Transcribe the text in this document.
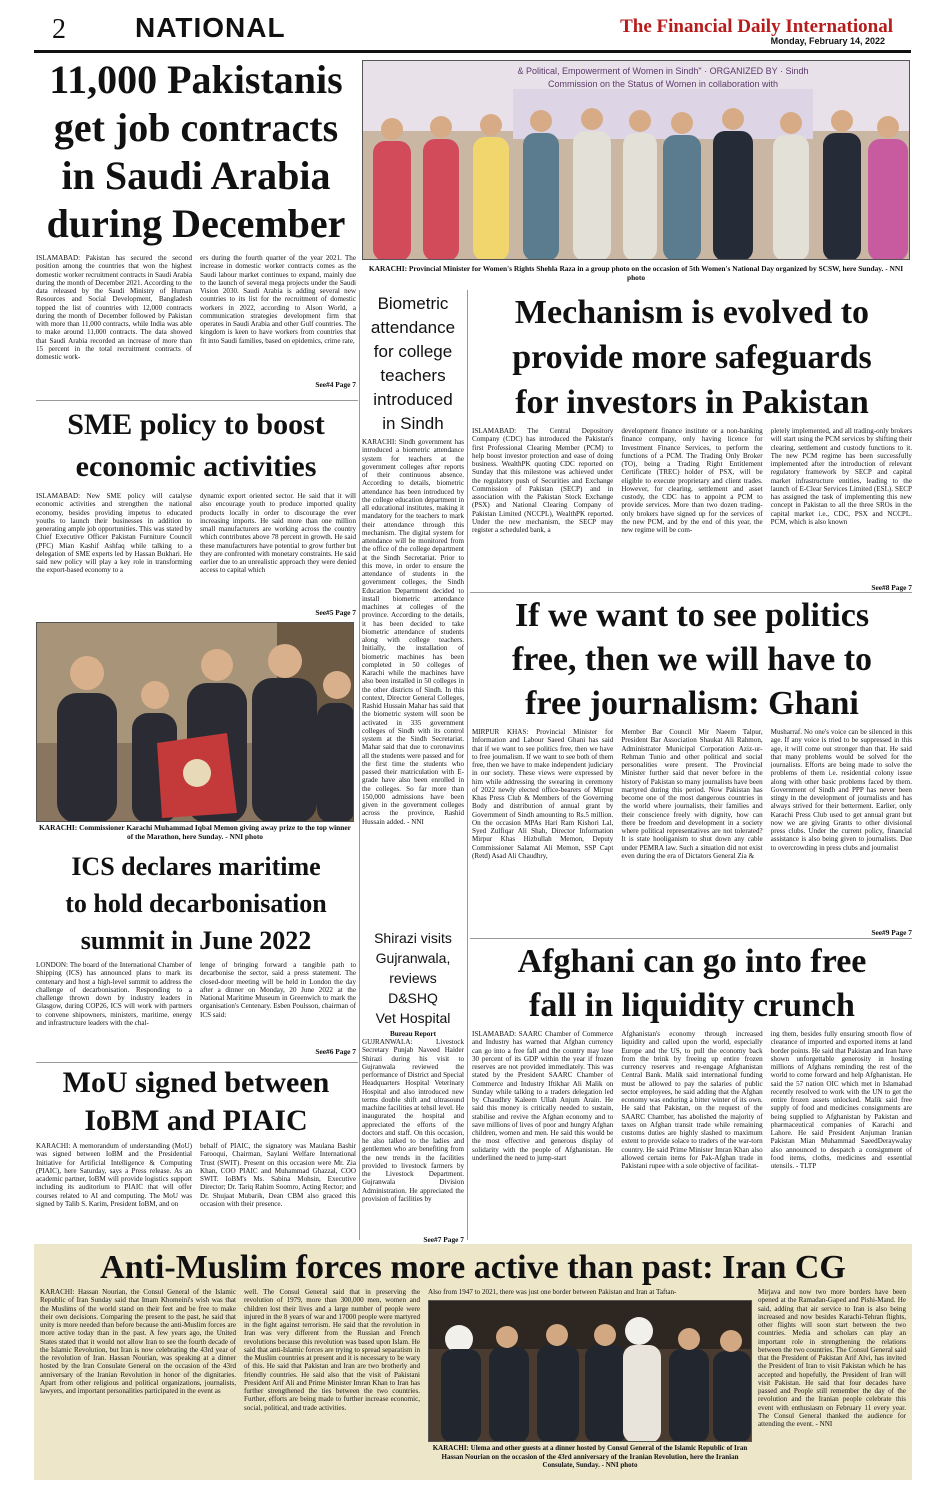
2 NATIONAL	The Financial Daily International
Monday, February 14, 2022
11,000 Pakistanis
get job contracts
in Saudi Arabia
during December
ISLAMABAD: Pakistan has secured the second position among the countries that won the highest domestic worker recruitment contracts in Saudi Arabia during the month of December 2021. According to the data released by the Saudi Ministry of Human Resources and Social Development, Bangladesh topped the list of countries with 12,000 contracts during the month of December followed by Pakistan with more than 11,000 contracts, while India was able to make around 11,000 contracts. The data showed that Saudi Arabia recorded an increase of more than 15 percent in the total recruitment contracts of domestic work-
ers during the fourth quarter of the year 2021. The increase in domestic worker contracts comes as the Saudi labour market continues to expand, mainly due to the launch of several mega projects under the Saudi Vision 2030. Saudi Arabia is adding several new countries to its list for the recruitment of domestic workers in 2022, according to Alson World, a communication strategies development firm that operates in Saudi Arabia and other Gulf countries. The kingdom is keen to have workers from countries that fit into Saudi families, based on epidemics, crime rate,
See#4 Page 7
SME policy to boost
economic activities
ISLAMABAD: New SME policy will catalyse economic activities and strengthen the national economy, besides providing impetus to educated youths to launch their businesses in addition to generating ample job opportunities. This was stated by Chief Executive Officer Pakistan Furniture Council (PFC) Mian Kashif Ashfaq while talking to a delegation of SME experts led by Hassan Bukhari. He said new policy will play a key role in transforming the export-based economy to a
dynamic export oriented sector. He said that it will also encourage youth to produce imported quality products locally in order to discourage the ever increasing imports. He said more than one million small manufacturers are working across the country which contributes above 78 percent in growth. He said these manufacturers have potential to grow further but they are confronted with monetary constraints. He said earlier due to an unrealistic approach they were denied access to capital which
See#5 Page 7
KARACHI: Commissioner Karachi Muhammad Iqbal Memon giving away prize to the top winner of the Marathon, here Sunday. - NNI photo
ICS declares maritime
to hold decarbonisation
summit in June 2022
LONDON: The board of the International Chamber of Shipping (ICS) has announced plans to mark its centenary and host a high-level summit to address the challenge of decarbonisation. Responding to a challenge thrown down by industry leaders in Glasgow, during COP26, ICS will work with partners to convene shipowners, ministers, maritime, energy and infrastructure leaders with the chal-
lenge of bringing forward a tangible path to decarbonise the sector, said a press statement. The closed-door meeting will be held in London the day after a dinner on Monday, 20 June 2022 at the National Maritime Museum in Greenwich to mark the organisation's Centenary. Esben Poulsson, chairman of ICS said:
See#6 Page 7
MoU signed between
IoBM and PIAIC
KARACHI: A memorandum of understanding (MoU) was signed between IoBM and the Presidential Initiative for Artificial Intelligence & Computing (PIAIC), here Saturday, says a Press release. As an academic partner, IoBM will provide logistics support including its auditorium to PIAIC that will offer courses related to AI and computing. The MoU was signed by Talib S. Karim, President IoBM, and on
behalf of PIAIC, the signatory was Maulana Bashir Farooqui, Chairman, Saylani Welfare International Trust (SWIT). Present on this occasion were Mr. Zia Khan, COO PIAIC and Muhammad Ghazzal, COO SWIT. IoBM's Ms. Sabina Mohsin, Executive Director; Dr. Tariq Rahim Soomro, Acting Rector; and Dr. Shujaat Mubarik, Dean CBM also graced this occasion with their presence.
& Political, Empowerment of Women in Sindh" · ORGANIZED BY · Sindh Commission on the Status of Women in collaboration with
KARACHI: Provincial Minister for Women's Rights Shehla Raza in a group photo on the occasion of 5th Women's National Day organized by SCSW, here Sunday. - NNI photo
Biometric
attendance
for college
teachers
introduced
in Sindh
KARACHI: Sindh government has introduced a biometric attendance system for teachers at the government colleges after reports of their continuous absence. According to details, biometric attendance has been introduced by the college education department in all educational institutes, making it mandatory for the teachers to mark their attendance through this mechanism. The digital system for attendance will be monitored from the office of the college department at the Sindh Secretariat. Prior to this move, in order to ensure the attendance of students in the government colleges, the Sindh Education Department decided to install biometric attendance machines at colleges of the province. According to the details, it has been decided to take biometric attendance of students along with college teachers. Initially, the installation of biometric machines has been completed in 50 colleges of Karachi while the machines have also been installed in 50 colleges in the other districts of Sindh. In this context, Director General Colleges, Rashid Hussain Mahar has said that the biometric system will soon be activated in 335 government colleges of Sindh with its control system at the Sindh Secretariat. Mahar said that due to coronavirus all the students were passed and for the first time the students who passed their matriculation with E-grade have also been enrolled in the colleges. So far more than 150,000 admissions have been given in the government colleges across the province, Rashid Hussain added. - NNI
Shirazi visits
Gujranwala,
reviews
D&SHQ
Vet Hospital
Bureau Report
GUJRANWALA: Livestock Secretary Punjab Naveed Haider Shirazi during his visit to Gujranwala reviewed the performance of District and Special Headquarters Hospital Veterinary Hospital and also introduced new terms double shift and ultrasound machine facilities at tehsil level. He inaugurated the hospital and appreciated the efforts of the doctors and staff. On this occasion, he also talked to the ladies and gentlemen who are benefiting from the new trends in the facilities provided to livestock farmers by the Livestock Department. Gujranwala Division Administration. He appreciated the provision of facilities by
See#7 Page 7
Mechanism is evolved to
provide more safeguards
for investors in Pakistan
ISLAMABAD: The Central Depository Company (CDC) has introduced the Pakistan's first Professional Clearing Member (PCM) to help boost investor protection and ease of doing business. WealthPK quoting CDC reported on Sunday that this milestone was achieved under the regulatory push of Securities and Exchange Commission of Pakistan (SECP) and in association with the Pakistan Stock Exchange (PSX) and National Clearing Company of Pakistan Limited (NCCPL), WealthPK reported. Under the new mechanism, the SECP may register a scheduled bank, a
development finance institute or a non-banking finance company, only having licence for Investment Finance Services, to perform the functions of a PCM. The Trading Only Broker (TO), being a Trading Right Entitlement Certificate (TREC) holder of PSX, will be eligible to execute proprietary and client trades. However, for clearing, settlement and asset custody, the CDC has to appoint a PCM to provide services. More than two dozen trading-only brokers have signed up for the services of the new PCM, and by the end of this year, the new regime will be com-
pletely implemented, and all trading-only brokers will start using the PCM services by shifting their clearing, settlement and custody functions to it. The new PCM regime has been successfully implemented after the introduction of relevant regulatory framework by SECP and capital market infrastructure entities, leading to the launch of E-Clear Services Limited (ESL). SECP has assigned the task of implementing this new concept in Pakistan to all the three SROs in the capital market i.e., CDC, PSX and NCCPL. PCM, which is also known
See#8 Page 7
If we want to see politics
free, then we will have to
free journalism: Ghani
MIRPUR KHAS: Provincial Minister for Information and Labour Saeed Ghani has said that if we want to see politics free, then we have to free journalism. If we want to see both of them free, then we have to make independent judiciary in our society. These views were expressed by him while addressing the swearing in ceremony of 2022 newly elected office-bearers of Mirpur Khas Press Club & Members of the Governing Body and distribution of annual grant by Government of Sindh amounting to Rs.5 million. On the occasion MPAs Hari Ram Kishori Lal, Syed Zulfiqar Ali Shah, Director Information Mirpur Khas Hizbullah Memon, Deputy Commissioner Salamat Ali Memon, SSP Capt (Retd) Asad Ali Chaudhry,
Member Bar Council Mir Naeem Talpur, President Bar Association Shaukat Ali Rahmon, Administrator Municipal Corporation Aziz-ur-Rehman Tunio and other political and social personalities were present. The Provincial Minister further said that never before in the history of Pakistan so many journalists have been martyred during this period. Now Pakistan has become one of the most dangerous countries in the world where journalists, their families and their conscience freely with dignity, how can there be freedom and development in a society where political representatives are not tolerated? It is state hooliganism to shut down any cable under PEMRA law. Such a situation did not exist even during the era of Dictators General Zia &
Musharraf. No one's voice can be silenced in this age. If any voice is tried to be suppressed in this age, it will come out stronger than that. He said that many problems would be solved for the journalists. Efforts are being made to solve the problems of them i.e. residential colony issue along with other basic problems faced by them. Government of Sindh and PPP has never been stingy in the development of journalists and has always strived for their betterment. Earlier, only Karachi Press Club used to get annual grant but now we are giving Grants to other divisional press clubs. Under the current policy, financial assistance is also being given to journalists. Due to overcrowding in press clubs and journalist
See#9 Page 7
Afghani can go into free
fall in liquidity crunch
ISLAMABAD: SAARC Chamber of Commerce and Industry has warned that Afghan currency can go into a free fall and the country may lose 30 percent of its GDP within the year if frozen reserves are not provided immediately. This was stated by the President SAARC Chamber of Commerce and Industry Iftikhar Ali Malik on Sunday while talking to a traders delegation led by Chaudhry Kaleem Ullah Anjum Arain. He said this money is critically needed to sustain, stabilise and revive the Afghan economy and to save millions of lives of poor and hungry Afghan children, women and men. He said this would be the most effective and generous display of solidarity with the people of Afghanistan. He underlined the need to jump-start
Afghanistan's economy through increased liquidity and called upon the world, especially Europe and the US, to pull the economy back from the brink by freeing up entire frozen currency reserves and re-engage Afghanistan Central Bank. Malik said international funding must be allowed to pay the salaries of public sector employees, he said adding that the Afghan economy was enduring a bitter winter of its own. He said that Pakistan, on the request of the SAARC Chamber, has abolished the majority of taxes on Afghan transit trade while remaining customs duties are highly slashed to maximum extent to provide solace to traders of the war-torn country. He said Prime Minister Imran Khan also allowed certain items for Pak-Afghan trade in Pakistani rupee with a sole objective of facilitat-
ing them, besides fully ensuring smooth flow of clearance of imported and exported items at land border points. He said that Pakistan and Iran have shown unforgettable generosity in hosting millions of Afghans reminding the rest of the world to come forward and help Afghanistan. He said the 57 nation OIC which met in Islamabad recently resolved to work with the UN to get the entire frozen assets unlocked. Malik said free supply of food and medicines consignments are being supplied to Afghanistan by Pakistan and pharmaceutical companies of Karachi and Lahore. He said President Anjuman Iranian Pakistan Mian Muhammad SaeedDeraywalay also announced to despatch a consignment of food items, cloths, medicines and essential utensils. - TLTP
Anti-Muslim forces more active than past: Iran CG
KARACHI: Hassan Nourian, the Consul General of the Islamic Republic of Iran Sunday said that Imam Khomeini's wish was that the Muslims of the world stand on their feet and be free to make their own decisions. Comparing the present to the past, he said that unity is more needed than before because the anti-Muslim forces are more active today than in the past. A few years ago, the United States stated that it would not allow Iran to see the fourth decade of the Islamic Revolution, but Iran is now celebrating the 43rd year of the revolution of Iran. Hassan Nourian, was speaking at a dinner hosted by the Iran Consulate General on the occasion of the 43rd anniversary of the Iranian Revolution in honor of the dignitaries. Apart from other religious and political organizations, journalists, lawyers, and important personalities participated in the event as
well. The Consul General said that in preserving the revolution of 1979, more than 300,000 men, women and children lost their lives and a large number of people were injured in the 8 years of war and 17000 people were martyred in the fight against terrorism. He said that the revolution in Iran was very different from the Russian and French revolutions because this revolution was based upon Islam. He said that anti-Islamic forces are trying to spread separatism in the Muslim countries at present and it is necessary to be wary of this. He said that Pakistan and Iran are two brotherly and friendly countries. He said also that the visit of Pakistani President Arif Ali and Prime Minister Imran Khan to Iran has further strengthened the ties between the two countries. Further, efforts are being made to further increase economic, social, political, and trade activities.
Also from 1947 to 2021, there was just one border between Pakistan and Iran at Taftan-
KARACHI: Ulema and other guests at a dinner hosted by Consul General of the Islamic Republic of Iran Hassan Nourian on the occasion of the 43rd anniversary of the Iranian Revolution, here the Iranian Consulate, Sunday. - NNI photo
Mirjava and now two more borders have been opened at the Ramadan-Gaped and Pishi-Mand. He said, adding that air service to Iran is also being increased and now besides Karachi-Tehran flights, other flights will soon start between the two countries. Media and scholars can play an important role in strengthening the relations between the two countries. The Consul General said that the President of Pakistan Arif Alvi, has invited the President of Iran to visit Pakistan which he has accepted and hopefully, the President of Iran will visit Pakistan. He said that four decades have passed and People still remember the day of the revolution and the Iranian people celebrate this event with enthusiasm on February 11 every year. The Consul General thanked the audience for attending the event. - NNI
